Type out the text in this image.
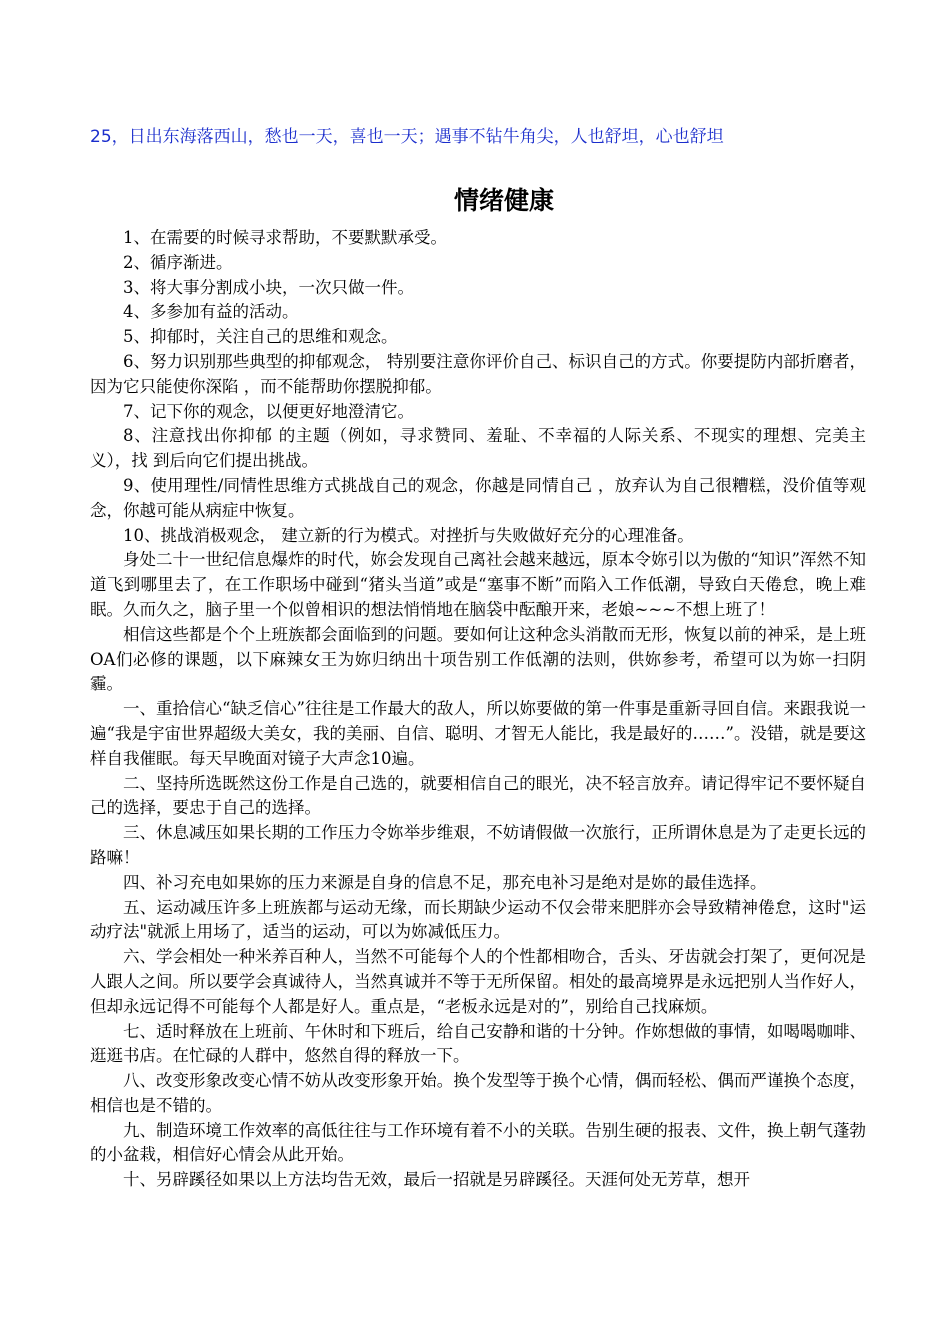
25，日出东海落西山，愁也一天，喜也一天；遇事不钻牛角尖，人也舒坦，心也舒坦
情绪健康

1、在需要的时候寻求帮助，不要默默承受。

2、循序渐进。

3、将大事分割成小块，一次只做一件。

4、多参加有益的活动。

5、抑郁时，关注自己的思维和观念。

6、努力识别那些典型的抑郁观念， 特别要注意你评价自己、标识自己的方式。你要提防内部折磨者，因为它只能使你深陷 ，而不能帮助你摆脱抑郁。

7、记下你的观念，以便更好地澄清它。

8、注意找出你抑郁 的主题（例如，寻求赞同、羞耻、不幸福的人际关系、不现实的理想、完美主义），找 到后向它们提出挑战。

9、使用理性/同情性思维方式挑战自己的观念，你越是同情自己 ，放弃认为自己很糟糕，没价值等观念，你越可能从病症中恢复。

10、挑战消极观念， 建立新的行为模式。对挫折与失败做好充分的心理准备。

身处二十一世纪信息爆炸的时代，妳会发现自己离社会越来越远，原本令妳引以为傲的“知识”浑然不知道飞到哪里去了，在工作职场中碰到“猪头当道”或是“塞事不断”而陷入工作低潮，导致白天倦怠，晚上难眠。久而久之，脑子里一个似曾相识的想法悄悄地在脑袋中酝酿开来，老娘~~~不想上班了！

相信这些都是个个上班族都会面临到的问题。要如何让这种念头消散而无形，恢复以前的神采，是上班OA们必修的课题，以下麻辣女王为妳归纳出十项告别工作低潮的法则，供妳参考，希望可以为妳一扫阴霾。

一、重拾信心“缺乏信心”往往是工作最大的敌人，所以妳要做的第一件事是重新寻回自信。来跟我说一遍“我是宇宙世界超级大美女，我的美丽、自信、聪明、才智无人能比，我是最好的……”。没错，就是要这样自我催眠。每天早晚面对镜子大声念10遍。

二、坚持所选既然这份工作是自己选的，就要相信自己的眼光，决不轻言放弃。请记得牢记不要怀疑自己的选择，要忠于自己的选择。

三、休息减压如果长期的工作压力令妳举步维艰，不妨请假做一次旅行，正所谓休息是为了走更长远的路嘛！

四、补习充电如果妳的压力来源是自身的信息不足，那充电补习是绝对是妳的最佳选择。

五、运动减压许多上班族都与运动无缘，而长期缺少运动不仅会带来肥胖亦会导致精神倦怠，这时"运动疗法"就派上用场了，适当的运动，可以为妳减低压力。

六、学会相处一种米养百种人，当然不可能每个人的个性都相吻合，舌头、牙齿就会打架了，更何况是人跟人之间。所以要学会真诚待人，当然真诚并不等于无所保留。相处的最高境界是永远把别人当作好人，但却永远记得不可能每个人都是好人。重点是，“老板永远是对的”，别给自己找麻烦。

七、适时释放在上班前、午休时和下班后，给自己安静和谐的十分钟。作妳想做的事情，如喝喝咖啡、逛逛书店。在忙碌的人群中，悠然自得的释放一下。

八、改变形象改变心情不妨从改变形象开始。换个发型等于换个心情，偶而轻松、偶而严谨换个态度，相信也是不错的。

九、制造环境工作效率的高低往往与工作环境有着不小的关联。告别生硬的报表、文件，换上朝气蓬勃的小盆栽，相信好心情会从此开始。

十、另辟蹊径如果以上方法均告无效，最后一招就是另辟蹊径。天涯何处无芳草，想开
